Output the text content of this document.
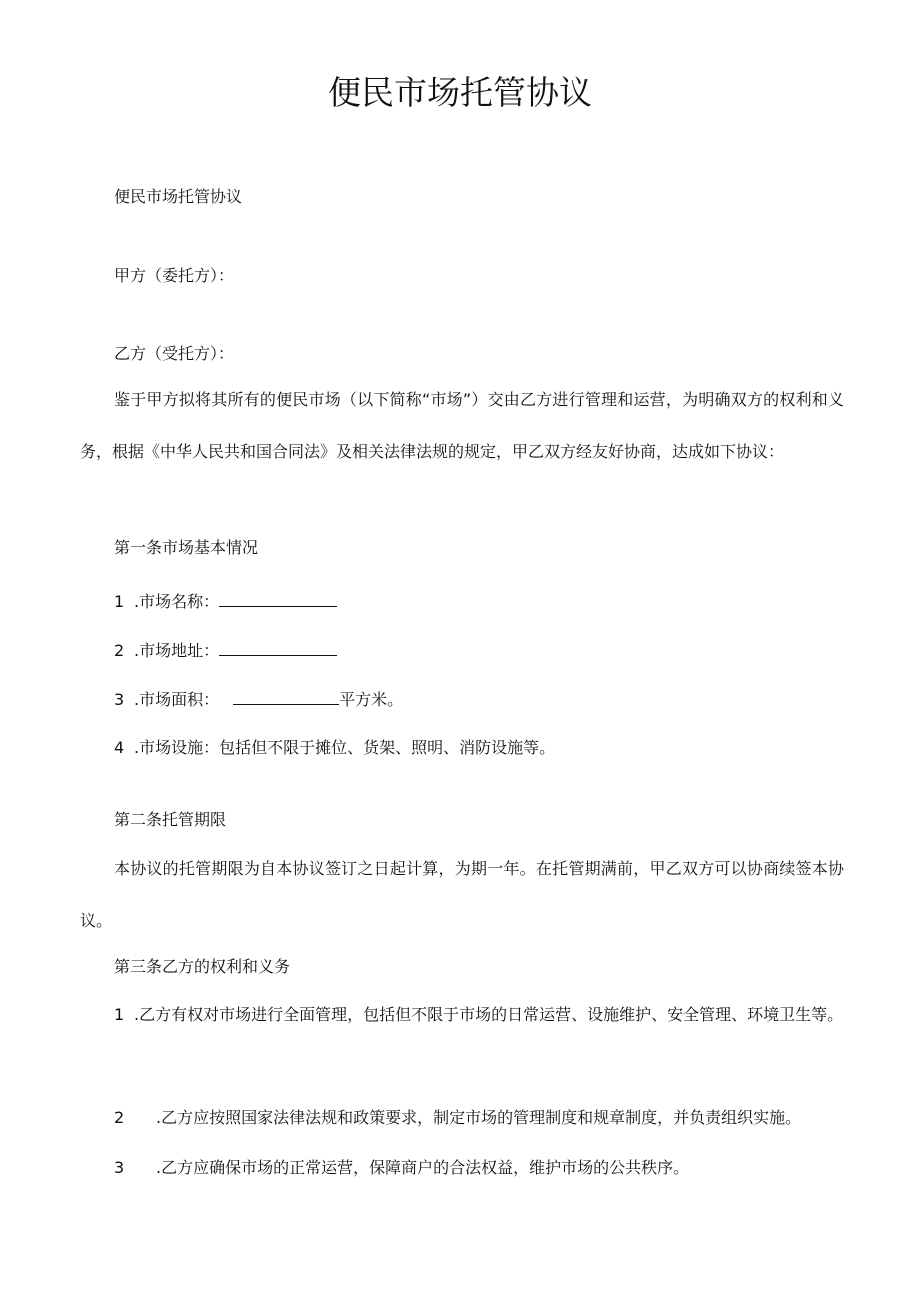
便民市场托管协议

便民市场托管协议

甲方（委托方）：

乙方（受托方）：

鉴于甲方拟将其所有的便民市场（以下简称“市场”）交由乙方进行管理和运营，为明确双方的权利和义务，根据《中华人民共和国合同法》及相关法律法规的规定，甲乙双方经友好协商，达成如下协议：

第一条市场基本情况

1 .市场名称：

2 .市场地址：

3 .市场面积：	平方米。

4 .市场设施：包括但不限于摊位、货架、照明、消防设施等。

第二条托管期限

本协议的托管期限为自本协议签订之日起计算，为期一年。在托管期满前，甲乙双方可以协商续签本协议。

第三条乙方的权利和义务

1 .乙方有权对市场进行全面管理，包括但不限于市场的日常运营、设施维护、安全管理、环境卫生等。

2 .乙方应按照国家法律法规和政策要求，制定市场的管理制度和规章制度，并负责组织实施。

3 .乙方应确保市场的正常运营，保障商户的合法权益，维护市场的公共秩序。
